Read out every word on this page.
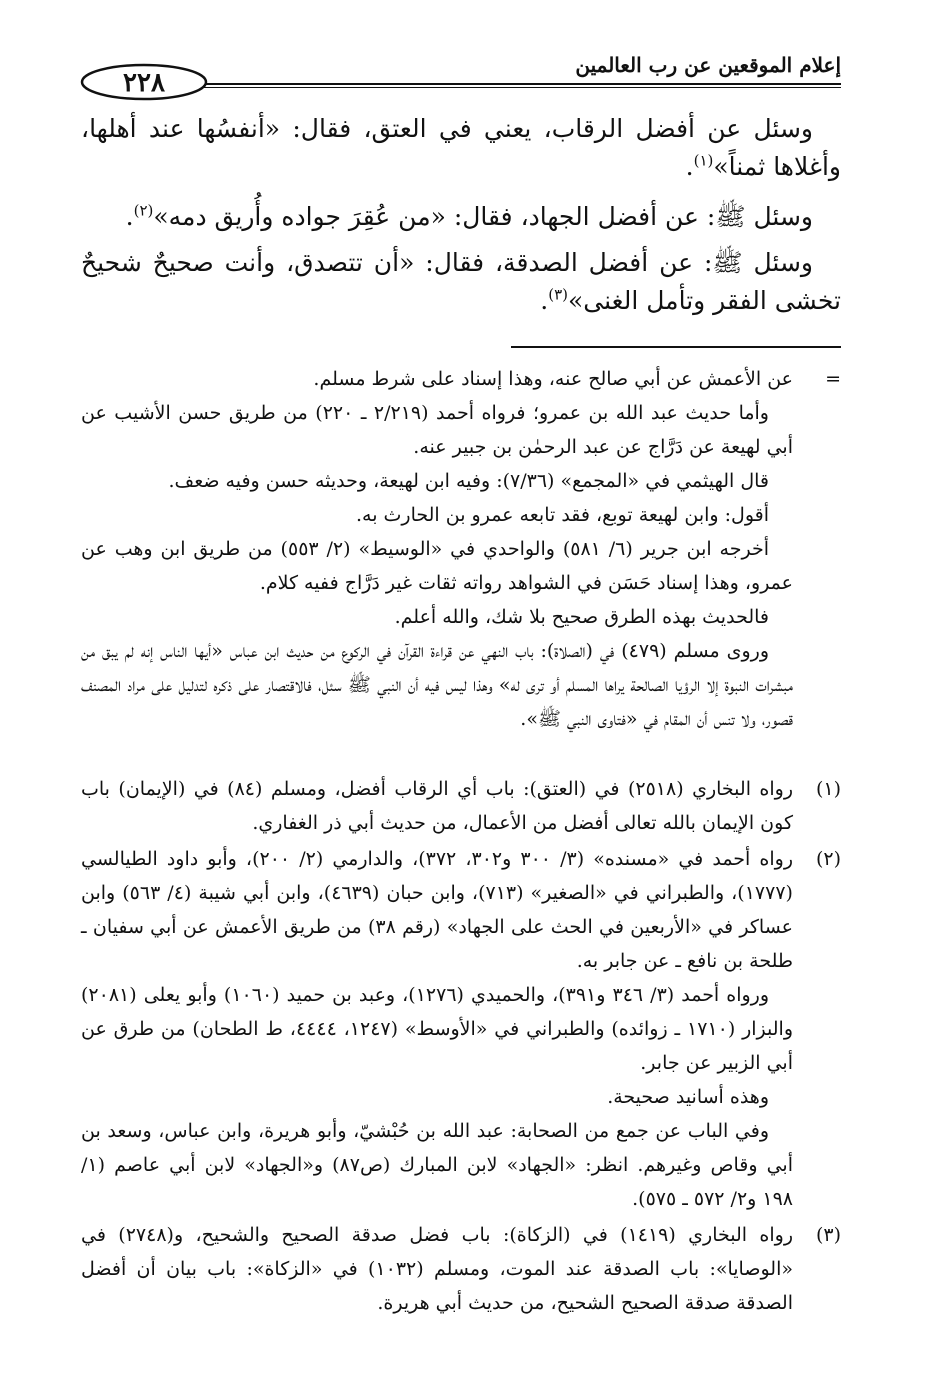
إعلام الموقعين عن رب العالمين
٢٢٨
وسئل عن أفضل الرقاب، يعني في العتق، فقال: «أنفسُها عند أهلها، وأغلاها ثمناً»$^{(١)}$.
وسئل ﷺ: عن أفضل الجهاد، فقال: «من عُقِرَ جواده وأُريق دمه»$^{(٢)}$.
وسئل ﷺ: عن أفضل الصدقة، فقال: «أن تتصدق، وأنت صحيحٌ شحيحٌ تخشى الفقر وتأمل الغنى»$^{(٣)}$.
=

عن الأعمش عن أبي صالح عنه، وهذا إسناد على شرط مسلم.

وأما حديث عبد الله بن عمرو؛ فرواه أحمد (٢/٢١٩ ـ ٢٢٠) من طريق حسن الأشيب عن أبي لهيعة عن دَرَّاج عن عبد الرحمٰن بن جبير عنه.

قال الهيثمي في «المجمع» (٧/٣٦): وفيه ابن لهيعة، وحديثه حسن وفيه ضعف.

أقول: وابن لهيعة توبع، فقد تابعه عمرو بن الحارث به.

أخرجه ابن جرير (٦/ ٥٨١) والواحدي في «الوسيط» (٢/ ٥٥٣) من طريق ابن وهب عن عمرو، وهذا إسناد حَسَن في الشواهد رواته ثقات غير دَرَّاج ففيه كلام.

فالحديث بهذه الطرق صحيح بلا شك، والله أعلم.

وروى مسلم (٤٧٩) في (الصلاة): باب النهي عن قراءة القرآن في الركوع من حديث ابن عباس «أيها الناس إنه لم يبق من مبشرات النبوة إلا الرؤيا الصالحة يراها المسلم أو ترى له» وهذا ليس فيه أن النبي ﷺ سئل، فالاقتصار على ذكره لتدليل على مراد المصنف قصور، ولا تنس أن المقام في «فتاوى النبي ﷺ».

(١)

رواه البخاري (٢٥١٨) في (العتق): باب أي الرقاب أفضل، ومسلم (٨٤) في (الإيمان) باب كون الإيمان بالله تعالى أفضل من الأعمال، من حديث أبي ذر الغفاري.

(٢)

رواه أحمد في «مسنده» (٣/ ٣٠٠ و٣٠٢، ٣٧٢)، والدارمي (٢/ ٢٠٠)، وأبو داود الطيالسي (١٧٧٧)، والطبراني في «الصغير» (٧١٣)، وابن حبان (٤٦٣٩)، وابن أبي شيبة (٤/ ٥٦٣) وابن عساكر في «الأربعين في الحث على الجهاد» (رقم ٣٨) من طريق الأعمش عن أبي سفيان ـ طلحة بن نافع ـ عن جابر به.

ورواه أحمد (٣/ ٣٤٦ و٣٩١)، والحميدي (١٢٧٦)، وعبد بن حميد (١٠٦٠) وأبو يعلى (٢٠٨١) والبزار (١٧١٠ ـ زوائده) والطبراني في «الأوسط» (١٢٤٧، ٤٤٤٤، ط الطحان) من طرق عن أبي الزبير عن جابر.

وهذه أسانيد صحيحة.

وفي الباب عن جمع من الصحابة: عبد الله بن حُبْشيّ، وأبو هريرة، وابن عباس، وسعد بن أبي وقاص وغيرهم. انظر: «الجهاد» لابن المبارك (ص٨٧) و«الجهاد» لابن أبي عاصم (١/ ١٩٨ و٢/ ٥٧٢ ـ ٥٧٥).

(٣)

رواه البخاري (١٤١٩) في (الزكاة): باب فضل صدقة الصحيح والشحيح، و(٢٧٤٨) في «الوصايا»: باب الصدقة عند الموت، ومسلم (١٠٣٢) في «الزكاة»: باب بيان أن أفضل الصدقة صدقة الصحيح الشحيح، من حديث أبي هريرة.
